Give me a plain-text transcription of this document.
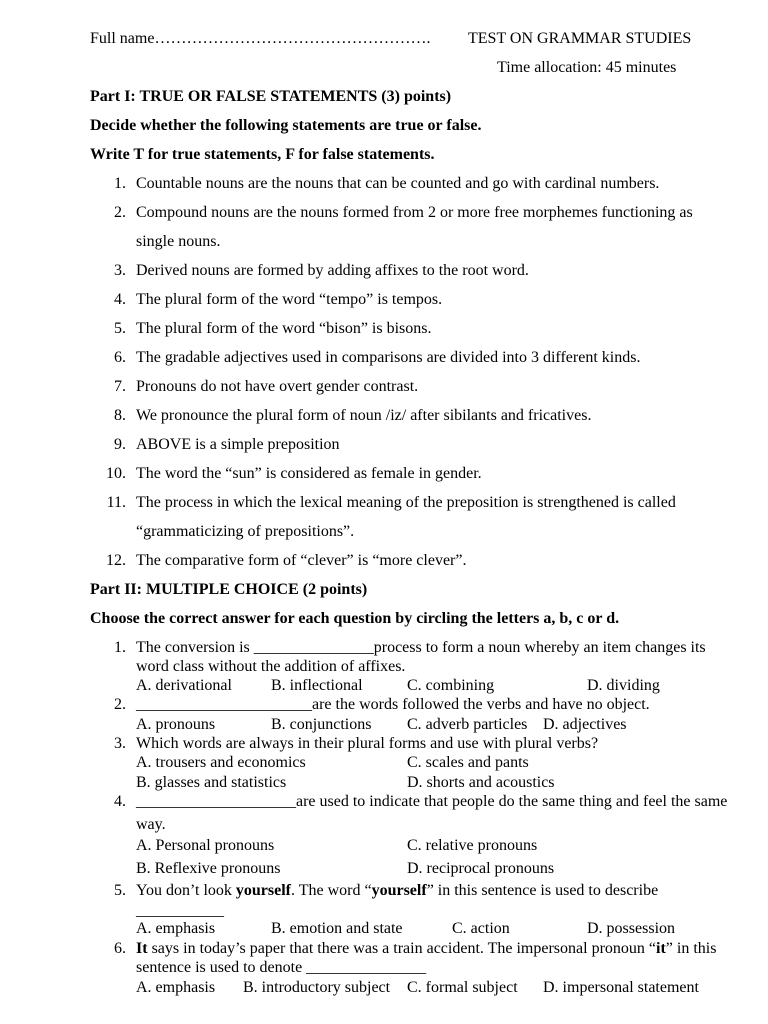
Full name……………………………………………. TEST ON GRAMMAR STUDIES
Time allocation: 45 minutes
Part I: TRUE OR FALSE STATEMENTS (3) points)
Decide whether the following statements are true or false.
Write T for true statements, F for false statements.
1. Countable nouns are the nouns that can be counted and go with cardinal numbers.
2. Compound nouns are the nouns formed from 2 or more free morphemes functioning as
single nouns.
3. Derived nouns are formed by adding affixes to the root word.
4. The plural form of the word “tempo” is tempos.
5. The plural form of the word “bison” is bisons.
6. The gradable adjectives used in comparisons are divided into 3 different kinds.
7. Pronouns do not have overt gender contrast.
8. We pronounce the plural form of noun /iz/ after sibilants and fricatives.
9. ABOVE is a simple preposition
10. The word the “sun” is considered as female in gender.
11. The process in which the lexical meaning of the preposition is strengthened is called
“grammaticizing of prepositions”.
12. The comparative form of “clever” is “more clever”.
Part II: MULTIPLE CHOICE (2 points)
Choose the correct answer for each question by circling the letters a, b, c or d.
1. The conversion is _______________process to form a noun whereby an item changes its
word class without the addition of affixes.
A. derivational B. inflectional	C. combining	D. dividing
2. ______________________are the words followed the verbs and have no object.
A. pronouns	B. conjunctions C. adverb particles D. adjectives
3. Which words are always in their plural forms and use with plural verbs?
A. trousers and economics	C. scales and pants
B. glasses and statistics	D. shorts and acoustics
4. ____________________are used to indicate that people do the same thing and feel the same
way.
A. Personal pronouns	C. relative pronouns
B. Reflexive pronouns	D. reciprocal pronouns
5. You don’t look yourself. The word “yourself” in this sentence is used to describe
___________
A. emphasis	B. emotion and state	C. action	D. possession
6. It says in today’s paper that there was a train accident. The impersonal pronoun “it” in this
sentence is used to denote _______________
A. emphasis B. introductory subject C. formal subject D. impersonal statement
